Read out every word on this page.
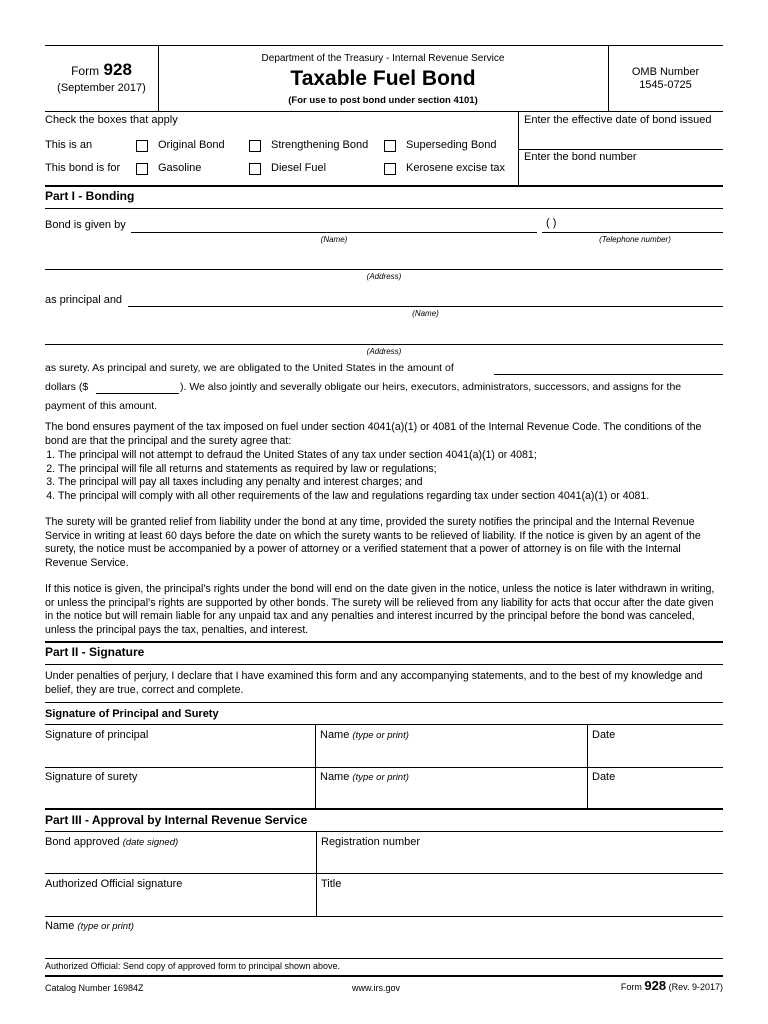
Form 928
(September 2017)
Department of the Treasury - Internal Revenue Service
Taxable Fuel Bond
(For use to post bond under section 4101)
OMB Number
1545-0725
Check the boxes that apply	Enter the effective date of bond issued
Enter the bond number
This is an	Original Bond	Strengthening Bond	Superseding Bond
This bond is for	Gasoline	Diesel Fuel	Kerosene excise tax
Part I - Bonding
Bond is given by	( )
(Name)	(Telephone number)
(Address)
as principal and
(Name)
(Address)
as surety. As principal and surety, we are obligated to the United States in the amount of
dollars ($	). We also jointly and severally obligate our heirs, executors, administrators, successors, and assigns for the
payment of this amount.
The bond ensures payment of the tax imposed on fuel under section 4041(a)(1) or 4081 of the Internal Revenue Code. The conditions of the bond are that the principal and the surety agree that:
1. The principal will not attempt to defraud the United States of any tax under section 4041(a)(1) or 4081;
2. The principal will file all returns and statements as required by law or regulations;
3. The principal will pay all taxes including any penalty and interest charges; and
4. The principal will comply with all other requirements of the law and regulations regarding tax under section 4041(a)(1) or 4081.
The surety will be granted relief from liability under the bond at any time, provided the surety notifies the principal and the Internal Revenue Service in writing at least 60 days before the date on which the surety wants to be relieved of liability. If the notice is given by an agent of the surety, the notice must be accompanied by a power of attorney or a verified statement that a power of attorney is on file with the Internal Revenue Service.
If this notice is given, the principal’s rights under the bond will end on the date given in the notice, unless the notice is later withdrawn in writing, or unless the principal’s rights are supported by other bonds. The surety will be relieved from any liability for acts that occur after the date given in the notice but will remain liable for any unpaid tax and any penalties and interest incurred by the principal before the bond was canceled, unless the principal pays the tax, penalties, and interest.
Part II - Signature
Under penalties of perjury, I declare that I have examined this form and any accompanying statements, and to the best of my knowledge and belief, they are true, correct and complete.
Signature of Principal and Surety
Signature of principal	Name (type or print)	Date
Signature of surety	Name (type or print)	Date
Part III - Approval by Internal Revenue Service
Bond approved (date signed)	Registration number
Authorized Official signature	Title
Name (type or print)
Authorized Official: Send copy of approved form to principal shown above.
Catalog Number 16984Z	www.irs.gov	Form 928 (Rev. 9-2017)
